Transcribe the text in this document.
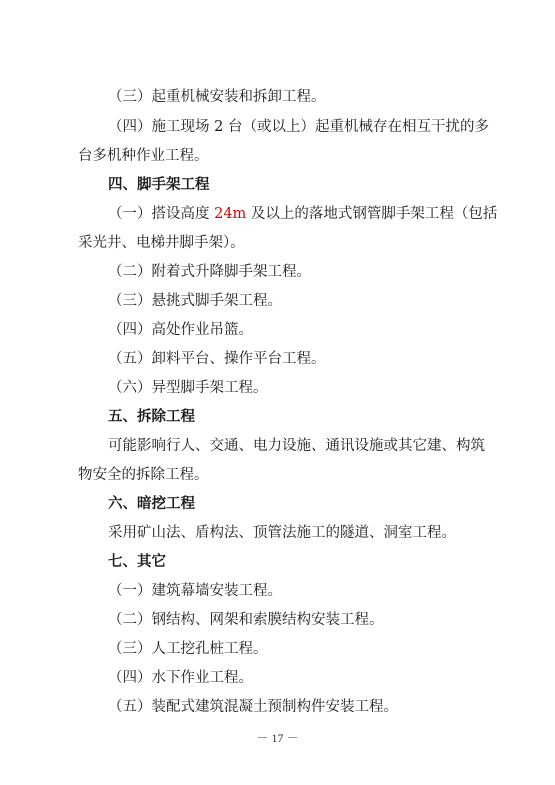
（三）起重机械安装和拆卸工程。
（四）施工现场 2 台（或以上）起重机械存在相互干扰的多
台多机种作业工程。
四、脚手架工程
（一）搭设高度 24m 及以上的落地式钢管脚手架工程（包括
采光井、电梯井脚手架）。
（二）附着式升降脚手架工程。
（三）悬挑式脚手架工程。
（四）高处作业吊篮。
（五）卸料平台、操作平台工程。
（六）异型脚手架工程。
五、拆除工程
可能影响行人、交通、电力设施、通讯设施或其它建、构筑
物安全的拆除工程。
六、暗挖工程
采用矿山法、盾构法、顶管法施工的隧道、洞室工程。
七、其它
（一）建筑幕墙安装工程。
（二）钢结构、网架和索膜结构安装工程。
（三）人工挖孔桩工程。
（四）水下作业工程。
（五）装配式建筑混凝土预制构件安装工程。
－ 17 －
